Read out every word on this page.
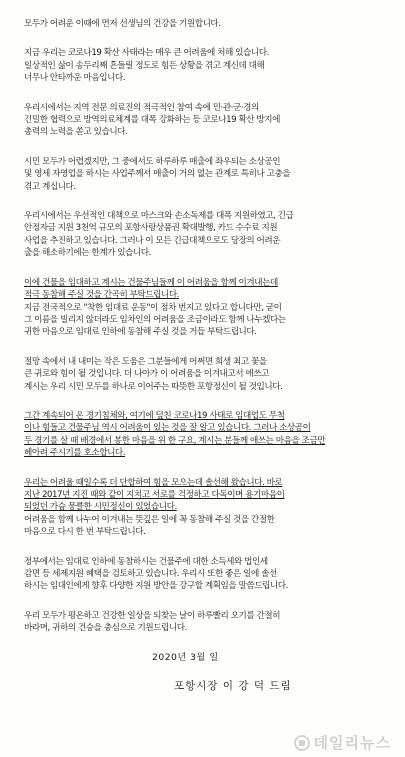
모두가 어려운 이때에 먼저 선생님의 건강을 기원합니다.
지금 우리는 코로나19 확산 사태라는 매우 큰 어려움에 처해 있습니다.
일상적인 삶이 송두리째 흔들릴 정도로 힘든 상황을 겪고 계신데 대해
너무나 안타까운 마음입니다.
우리시에서는 지역 전문 의료진의 적극적인 참여 속에 민·관·군·경의
긴밀한 협력으로 방역의료체계를 대폭 강화하는 등 코로나19 확산 방지에
총력의 노력을 쏟고 있습니다.
시민 모두가 어렵겠지만, 그 중에서도 하루하루 매출에 좌우되는 소상공인
및 영세 자영업을 하시는 사업주께서 매출이 거의 없는 관계로 특히나 고충을
겪고 계십니다.
우리시에서는 우선적인 대책으로 마스크와 손소독제를 대폭 지원하였고, 긴급
안정자금 지원 3천억 규모의 포항사랑상품권 확대발행, 카드 수수료 지원
사업을 추진하고 있습니다. 그러나 이 모든 긴급대책으로도 당장의 어려운
출을 해소하기에는 한계가 있습니다.
이에 건물을 임대하고 계시는 건물주님들께 이 어려움을 함께 이겨내는데
적극 동참해 주실 것을 간곡히 부탁드립니다.
지금 전국적으로 "착한 임대료 운동"이 점차 번지고 있다고 합니다만, 굳이
그 이름을 빌리지 않더라도 임차인의 어려움을 조금이라도 함께 나누겠다는
귀한 마음으로 임대료 인하에 동참해 주실 것을 거듭 부탁드립니다.
절망 속에서 내 내미는 작은 도움은 그분들에게 어쩌면 희생 최고 꽃을
큰 귀로와 힘이 될 것입니다. 더 나아가 이 어려움을 이겨내고서 애쓰고
계시는 우리 시민 모두를 하나로 이어주는 따뜻한 포항정신이 될 것입니다.
그간 계속되어 온 경기침체와, 여기에 덮친 코로나19 사태로 임대업도 무척
이나 힘들고 건물주님 역시 어려움이 있는 것을 잘 알고 있습니다. 그러나 소상공이
두 경기를 살 때 배경에서 봉한 마음을 위 한 구요, 계시는 분들께 애쓰는 마음을 조금만
헤아려 주시기를 호소합니다.
우리는 어려울 때일수록 더 단합하여 힘을 모으는데 솔선해 왔습니다. 바로
지난 2017년 지진 때와 같이 지치고 서로를 걱정하고 다독이며 용기마음이
되었던 가슴 뭉클한 시민정신이 있었습니다.
어려움을 함께 나누어 이겨내는 뜻깊은 일에 꼭 동참해 주실 것을 간절한
마음으로 다시 한 번 부탁드립니다.
정부에서는 임대료 인하에 동참하시는 건물주에 대한 소득세와 법인세
감면 등 세제지원 혜택을 검토하고 있습니다. 우리시 또한 좋은 일에 솔선
하시는 임대인에게 향후 다양한 지원 방안을 강구할 계획임을 말씀드립니다.
우리 모두가 평온하고 건강한 일상을 되찾는 날이 하루빨리 오기를 간절히
바라며, 귀하의 건승을 충심으로 기원드립니다.
2020년 3월 일
포항시장 이 강 덕 드림
데일리뉴스
